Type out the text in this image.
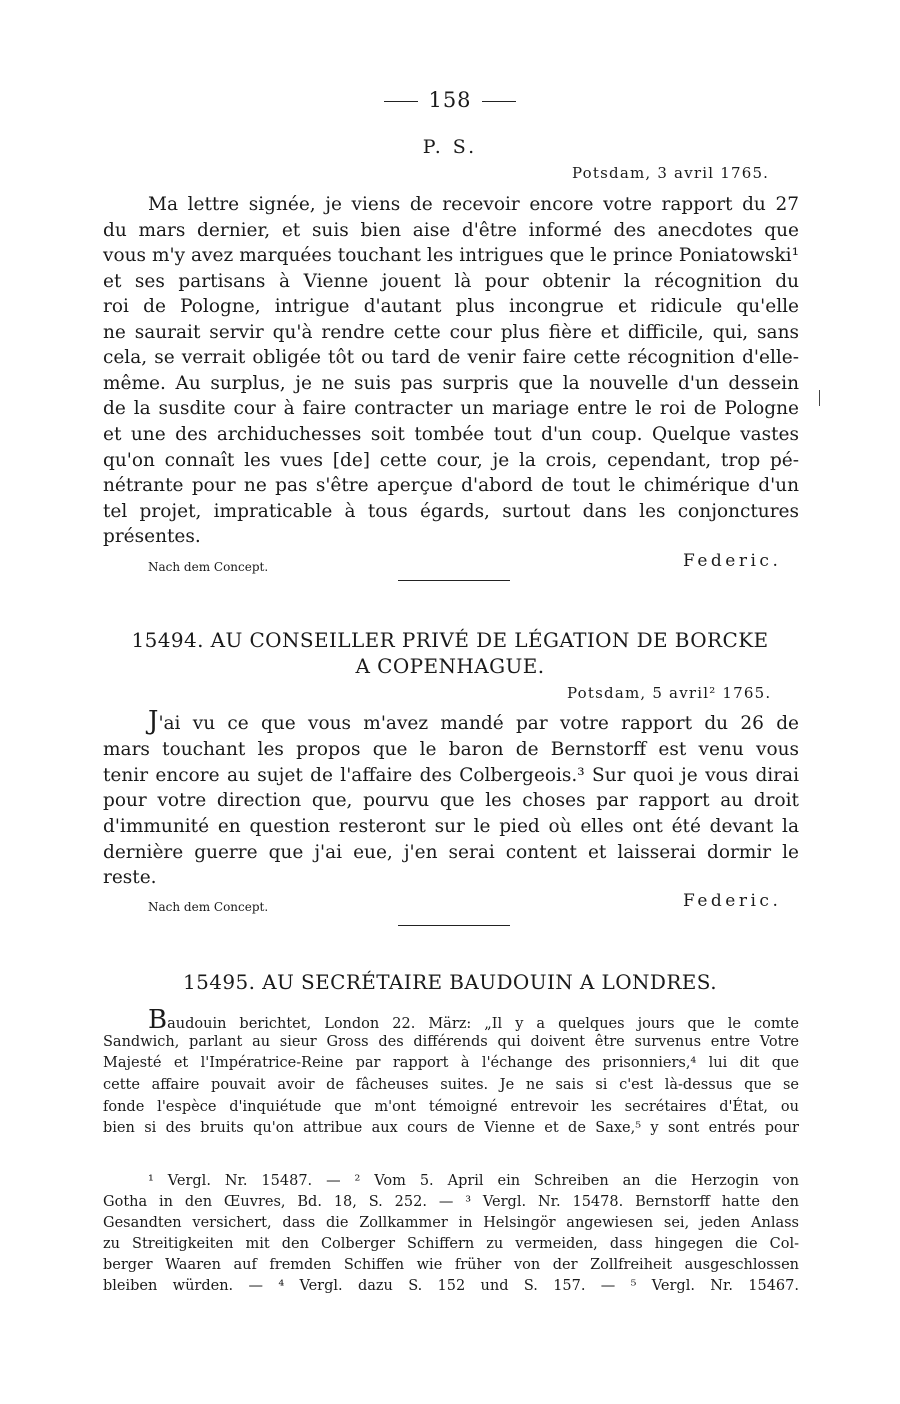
158
P. S.
Potsdam, 3 avril 1765.
Ma lettre signée, je viens de recevoir encore votre rapport du 27
du mars dernier, et suis bien aise d'être informé des anecdotes que
vous m'y avez marquées touchant les intrigues que le prince Poniatowski¹
et ses partisans à Vienne jouent là pour obtenir la récognition du
roi de Pologne, intrigue d'autant plus incongrue et ridicule qu'elle
ne saurait servir qu'à rendre cette cour plus fière et difficile, qui, sans
cela, se verrait obligée tôt ou tard de venir faire cette récognition d'elle-
même. Au surplus, je ne suis pas surpris que la nouvelle d'un dessein
de la susdite cour à faire contracter un mariage entre le roi de Pologne
et une des archiduchesses soit tombée tout d'un coup. Quelque vastes
qu'on connaît les vues [de] cette cour, je la crois, cependant, trop pé-
nétrante pour ne pas s'être aperçue d'abord de tout le chimérique d'un
tel projet, impraticable à tous égards, surtout dans les conjonctures
présentes.
Nach dem Concept.	Federic.
15494. AU CONSEILLER PRIVÉ DE LÉGATION DE BORCKE
A COPENHAGUE.
Potsdam, 5 avril² 1765.
J'ai vu ce que vous m'avez mandé par votre rapport du 26 de
mars touchant les propos que le baron de Bernstorff est venu vous
tenir encore au sujet de l'affaire des Colbergeois.³ Sur quoi je vous dirai
pour votre direction que, pourvu que les choses par rapport au droit
d'immunité en question resteront sur le pied où elles ont été devant la
dernière guerre que j'ai eue, j'en serai content et laisserai dormir le
reste.
Nach dem Concept.	Federic.
15495. AU SECRÉTAIRE BAUDOUIN A LONDRES.
Baudouin berichtet, London 22. März: „Il y a quelques jours que le comte
Sandwich, parlant au sieur Gross des différends qui doivent être survenus entre Votre
Majesté et l'Impératrice-Reine par rapport à l'échange des prisonniers,⁴ lui dit que
cette affaire pouvait avoir de fâcheuses suites. Je ne sais si c'est là-dessus que se
fonde l'espèce d'inquiétude que m'ont témoigné entrevoir les secrétaires d'État, ou
bien si des bruits qu'on attribue aux cours de Vienne et de Saxe,⁵ y sont entrés pour
¹ Vergl. Nr. 15487. — ² Vom 5. April ein Schreiben an die Herzogin von
Gotha in den Œuvres, Bd. 18, S. 252. — ³ Vergl. Nr. 15478. Bernstorff hatte den
Gesandten versichert, dass die Zollkammer in Helsingör angewiesen sei, jeden Anlass
zu Streitigkeiten mit den Colberger Schiffern zu vermeiden, dass hingegen die Col-
berger Waaren auf fremden Schiffen wie früher von der Zollfreiheit ausgeschlossen
bleiben würden. — ⁴ Vergl. dazu S. 152 und S. 157. — ⁵ Vergl. Nr. 15467.
